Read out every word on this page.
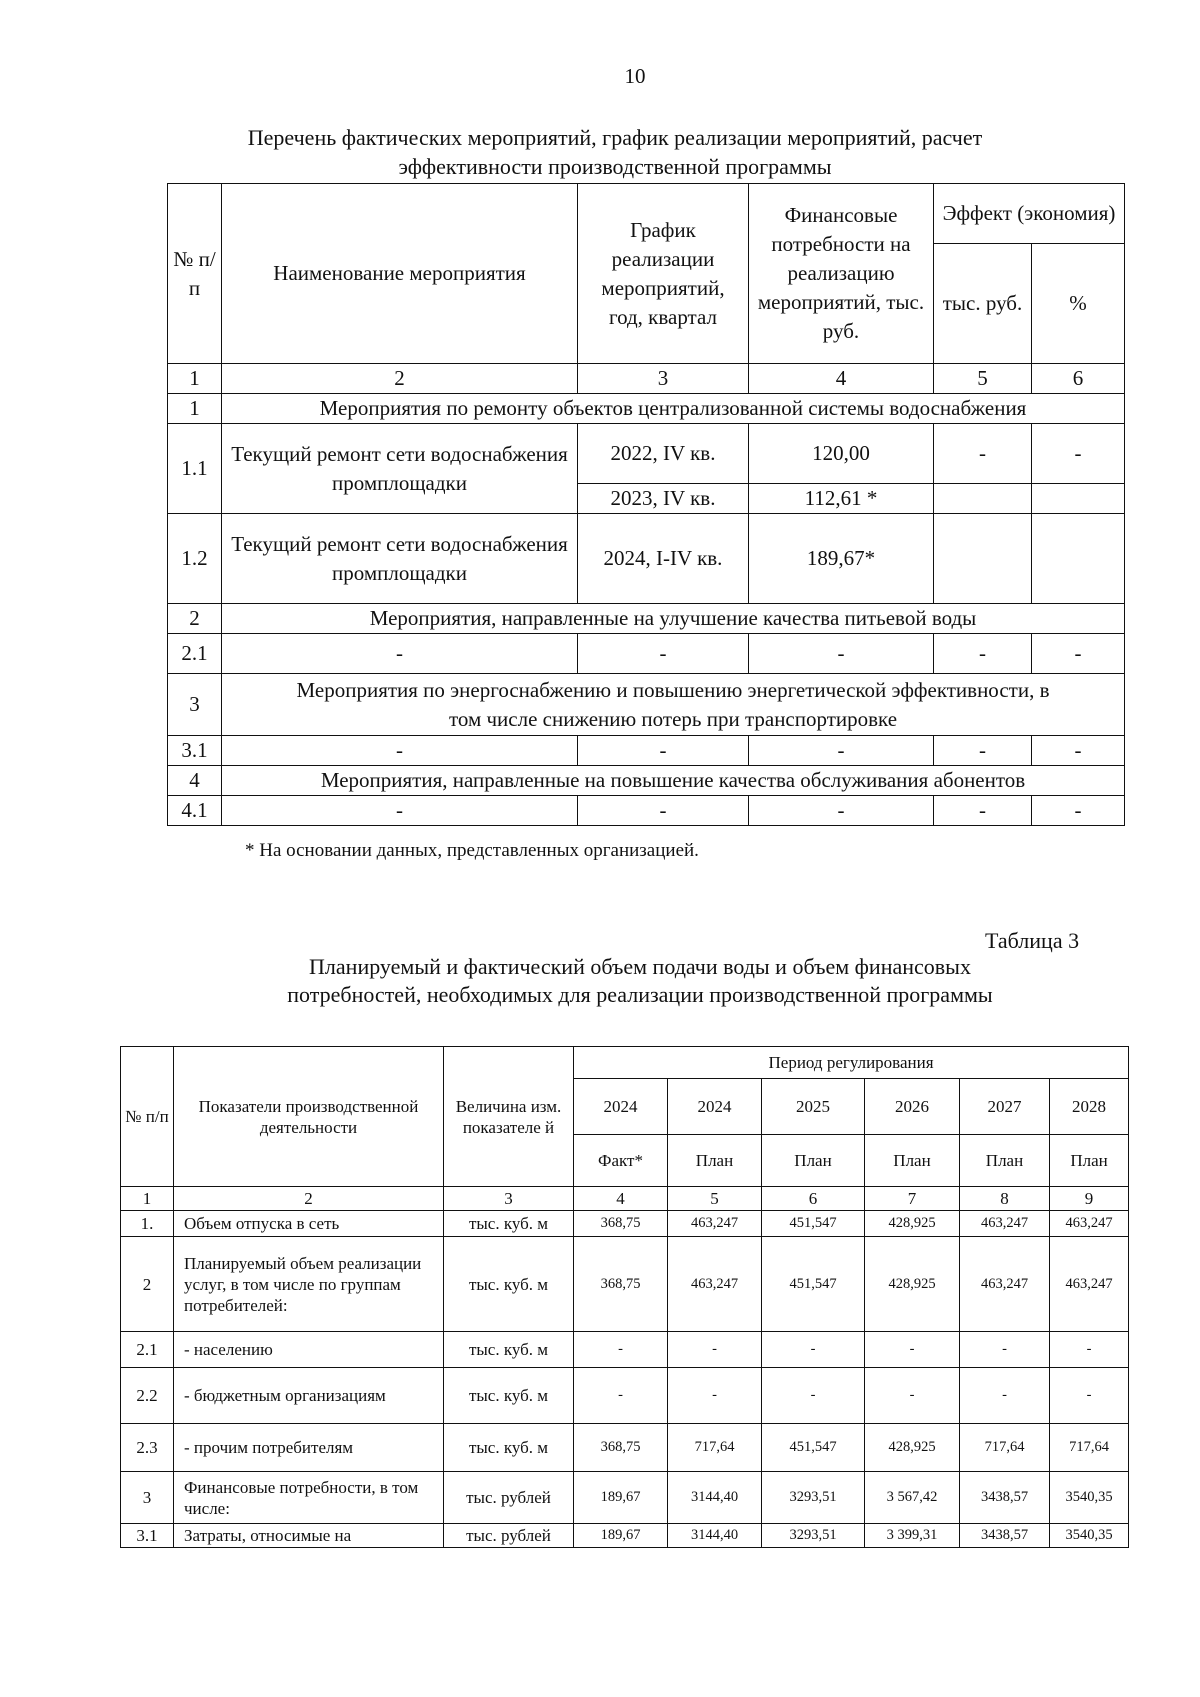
10
Перечень фактических мероприятий, график реализации мероприятий, расчет
эффективности производственной программы
№ п/ п	Наименование мероприятия	График реализации мероприятий, год, квартал	Финансовые потребности на реализацию мероприятий, тыс. руб.	Эффект (экономия)	
				тыс. руб.	%
1	2	3	4	5	6
1	Мероприятия по ремонту объектов централизованной системы водоснабжения				
1.1	Текущий ремонт сети водоснабжения промплощадки	2022, IV кв.	120,00	-	-
		2023, IV кв.	112,61 *		
1.2	Текущий ремонт сети водоснабжения промплощадки	2024, I-IV кв.	189,67*		
2	Мероприятия, направленные на улучшение качества питьевой воды				
2.1	-	-	-	-	-
3	Мероприятия по энергоснабжению и повышению энергетической эффективности, в том числе снижению потерь при транспортировке				
3.1	-	-	-	-	-
4	Мероприятия, направленные на повышение качества обслуживания абонентов				
4.1	-	-	-	-	-
* На основании данных, представленных организацией.
Таблица 3
Планируемый и фактический объем подачи воды и объем финансовых
потребностей, необходимых для реализации производственной программы
№ п/п	Показатели производственной деятельности	Величина изм. показателе й	Период регулирования					
			2024	2024	2025	2026	2027	2028
			Факт*	План	План	План	План	План
1	2	3	4	5	6	7	8	9
1.	Объем отпуска в сеть	тыс. куб. м	368,75	463,247	451,547	428,925	463,247	463,247
2	Планируемый объем реализации услуг, в том числе по группам потребителей:	тыс. куб. м	368,75	463,247	451,547	428,925	463,247	463,247
2.1	- населению	тыс. куб. м	-	-	-	-	-	-
2.2	- бюджетным организациям	тыс. куб. м	-	-	-	-	-	-
2.3	- прочим потребителям	тыс. куб. м	368,75	717,64	451,547	428,925	717,64	717,64
3	Финансовые потребности, в том числе:	тыс. рублей	189,67	3144,40	3293,51	3 567,42	3438,57	3540,35
3.1	Затраты, относимые на	тыс. рублей	189,67	3144,40	3293,51	3 399,31	3438,57	3540,35
